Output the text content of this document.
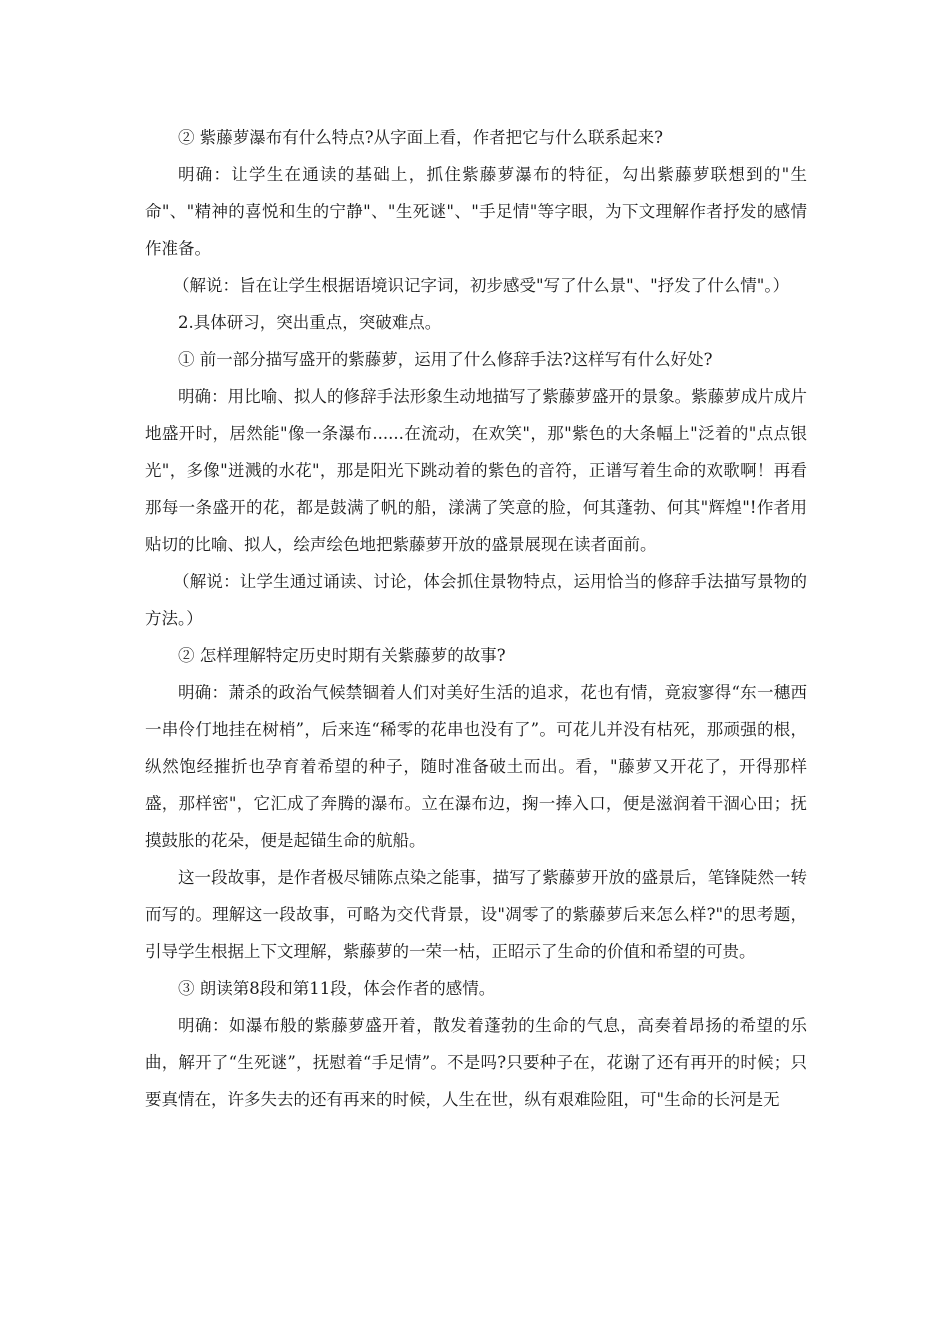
② 紫藤萝瀑布有什么特点?从字面上看，作者把它与什么联系起来?

明确：让学生在通读的基础上，抓住紫藤萝瀑布的特征，勾出紫藤萝联想到的"生命"、"精神的喜悦和生的宁静"、"生死谜"、"手足情"等字眼，为下文理解作者抒发的感情作准备。

（解说：旨在让学生根据语境识记字词，初步感受"写了什么景"、"抒发了什么情"。）

2.具体研习，突出重点，突破难点。

① 前一部分描写盛开的紫藤萝，运用了什么修辞手法?这样写有什么好处?

明确：用比喻、拟人的修辞手法形象生动地描写了紫藤萝盛开的景象。紫藤萝成片成片地盛开时，居然能"像一条瀑布......在流动，在欢笑"，那"紫色的大条幅上"泛着的"点点银光"，多像"迸溅的水花"，那是阳光下跳动着的紫色的音符，正谱写着生命的欢歌啊！再看那每一条盛开的花，都是鼓满了帆的船，漾满了笑意的脸，何其蓬勃、何其"辉煌"!作者用贴切的比喻、拟人，绘声绘色地把紫藤萝开放的盛景展现在读者面前。

（解说：让学生通过诵读、讨论，体会抓住景物特点，运用恰当的修辞手法描写景物的方法。）

② 怎样理解特定历史时期有关紫藤萝的故事?

明确：萧杀的政治气候禁锢着人们对美好生活的追求，花也有情，竟寂寥得“东一穗西一串伶仃地挂在树梢”，后来连“稀零的花串也没有了”。可花儿并没有枯死，那顽强的根，纵然饱经摧折也孕育着希望的种子，随时准备破土而出。看，"藤萝又开花了，开得那样盛，那样密"，它汇成了奔腾的瀑布。立在瀑布边，掬一捧入口，便是滋润着干涸心田；抚摸鼓胀的花朵，便是起锚生命的航船。

这一段故事，是作者极尽铺陈点染之能事，描写了紫藤萝开放的盛景后，笔锋陡然一转而写的。理解这一段故事，可略为交代背景，设"凋零了的紫藤萝后来怎么样?"的思考题，引导学生根据上下文理解，紫藤萝的一荣一枯，正昭示了生命的价值和希望的可贵。

③ 朗读第8段和第11段，体会作者的感情。

明确：如瀑布般的紫藤萝盛开着，散发着蓬勃的生命的气息，高奏着昂扬的希望的乐曲，解开了“生死谜”，抚慰着“手足情”。不是吗?只要种子在，花谢了还有再开的时候；只要真情在，许多失去的还有再来的时候，人生在世，纵有艰难险阻，可"生命的长河是无
